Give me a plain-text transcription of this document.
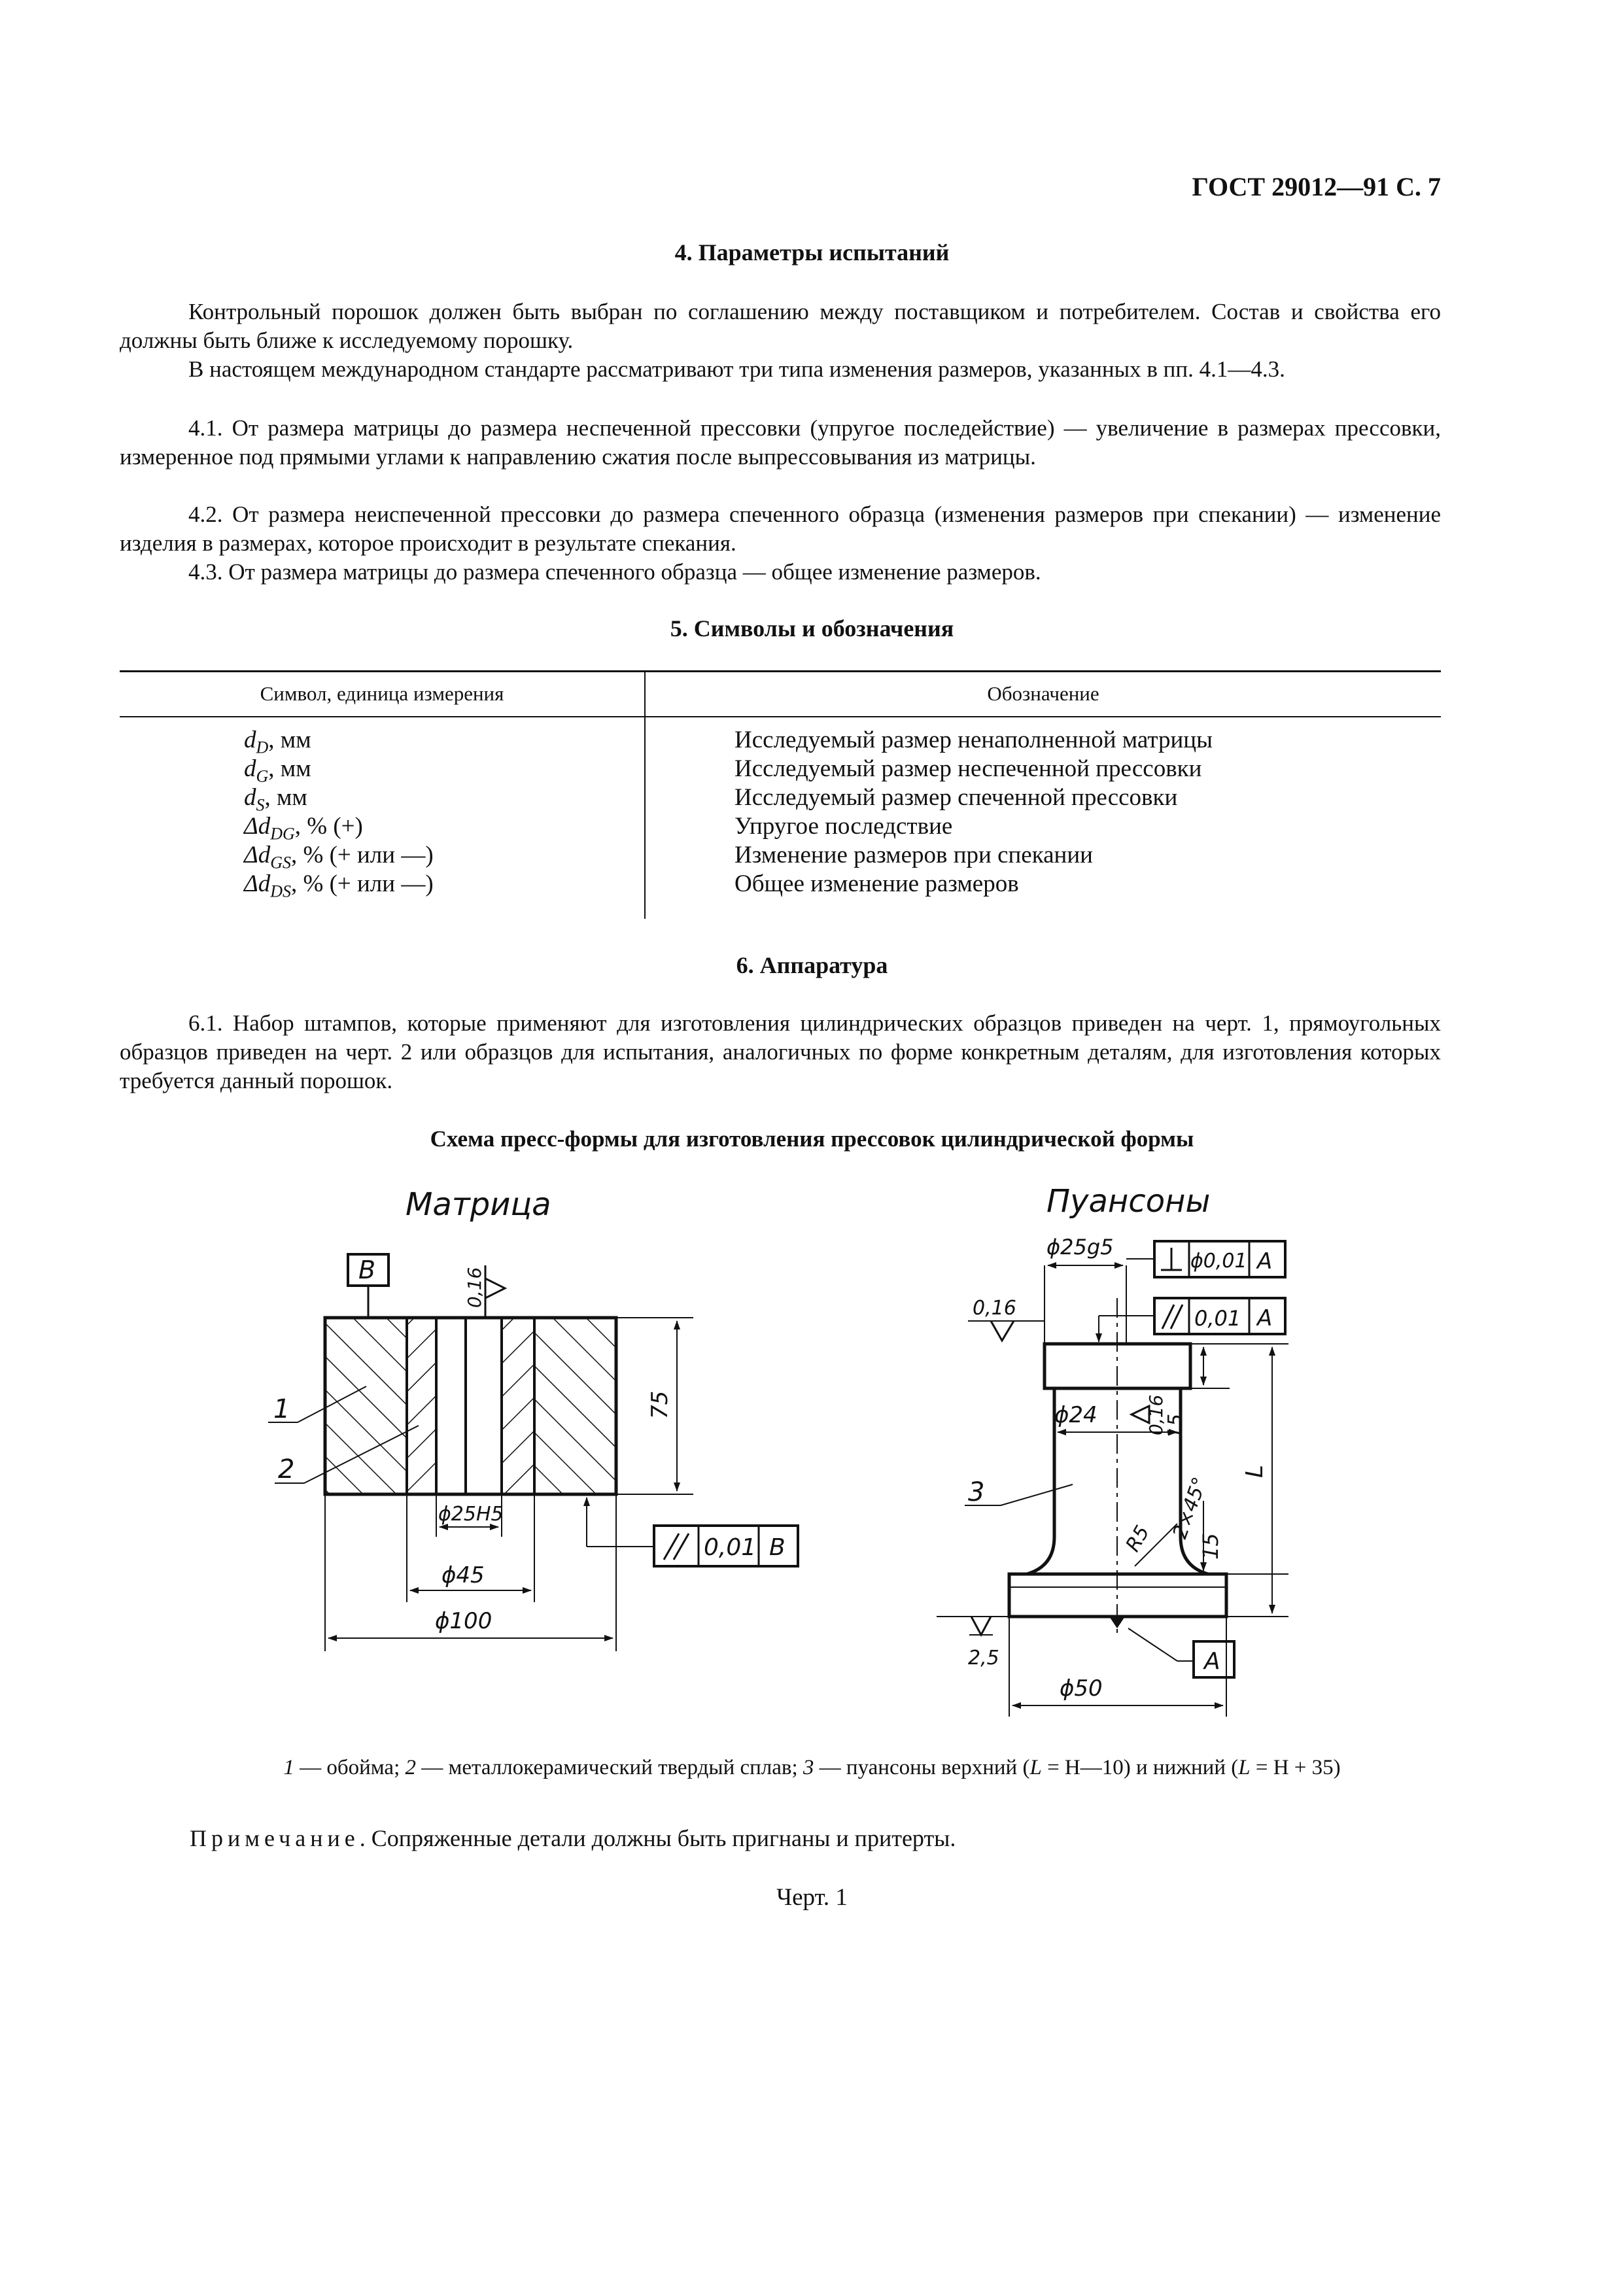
ГОСТ 29012—91 С. 7
4. Параметры испытаний
Контрольный порошок должен быть выбран по соглашению между поставщиком и потребителем. Состав и свойства его должны быть ближе к исследуемому порошку.
В настоящем международном стандарте рассматривают три типа изменения размеров, указанных в пп. 4.1—4.3.
4.1. От размера матрицы до размера неспеченной прессовки (упругое последействие) — увеличение в размерах прессовки, измеренное под прямыми углами к направлению сжатия после выпрессовывания из матрицы.
4.2. От размера неиспеченной прессовки до размера спеченного образца (изменения размеров при спекании) — изменение изделия в размерах, которое происходит в результате спекания.
4.3. От размера матрицы до размера спеченного образца — общее изменение размеров.
5. Символы и обозначения
Символ, единица измерения	Обозначение
$d_D$, мм	Исследуемый размер ненаполненной матрицы
$d_G$, мм	Исследуемый размер неспеченной прессовки
$d_S$, мм	Исследуемый размер спеченной прессовки
$\Delta d_{DG}$, % (+)	Упругое последствие
$\Delta d_{GS}$, % (+ или —)	Изменение размеров при спекании
$\Delta d_{DS}$, % (+ или —)	Общее изменение размеров
6. Аппаратура
6.1. Набор штампов, которые применяют для изготовления цилиндрических образцов приведен на черт. 1, прямоугольных образцов приведен на черт. 2 или образцов для испытания, аналогичных по форме конкретным деталям, для изготовления которых требуется данный порошок.
Схема пресс-формы для изготовления прессовок цилиндрической формы
Матрица	Пуансоны
B	0,16
75
1
2
ϕ25H5
ϕ45
ϕ100
0,01 B
ϕ25g5
ϕ0,01 A
0,01 A
0,16
ϕ24	0,16
15
3	2×45°
R5 15
L
2,5	A
ϕ50
1 — обойма; 2 — металлокерамический твердый сплав; 3 — пуансоны верхний (L = Н—10) и нижний (L = Н + 35)
Примечание. Сопряженные детали должны быть пригнаны и притерты.
Черт. 1
